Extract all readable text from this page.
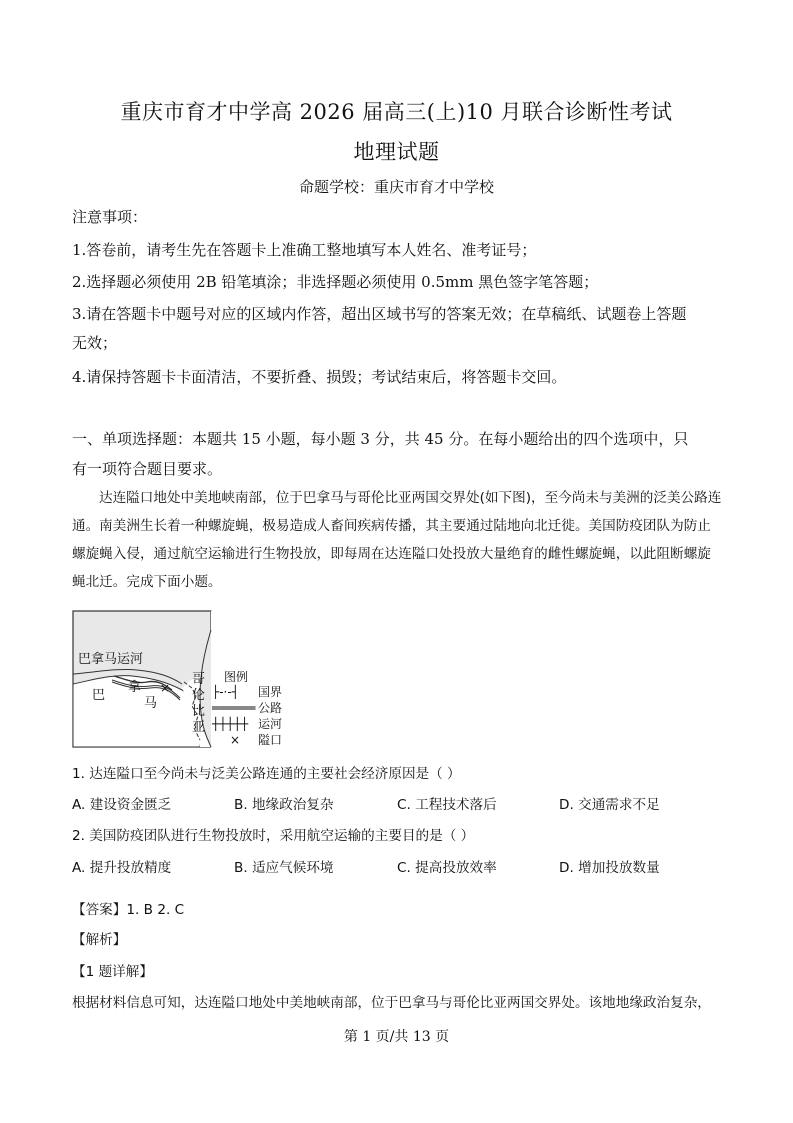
重庆市育才中学高 2026 届高三(上)10 月联合诊断性考试
地理试题
命题学校：重庆市育才中学校
注意事项：
1.答卷前，请考生先在答题卡上准确工整地填写本人姓名、准考证号；
2.选择题必须使用 2B 铅笔填涂；非选择题必须使用 0.5mm 黑色签字笔答题；
3.请在答题卡中题号对应的区域内作答，超出区域书写的答案无效；在草稿纸、试题卷上答题
无效；
4.请保持答题卡卡面清洁，不要折叠、损毁；考试结束后，将答题卡交回。
一、单项选择题：本题共 15 小题，每小题 3 分，共 45 分。在每小题给出的四个选项中，只
有一项符合题目要求。

达连隘口地处中美地峡南部，位于巴拿马与哥伦比亚两国交界处(如下图)，至今尚未与美洲的泛美公路连通。南美洲生长着一种螺旋蝇，极易造成人畜间疾病传播，其主要通过陆地向北迁徙。美国防疫团队为防止螺旋蝇入侵，通过航空运输进行生物投放，即每周在达连隘口处投放大量绝育的雌性螺旋蝇，以此阻断螺旋蝇北迁。完成下面小题。

×
巴拿马运河
巴
拿
马
哥伦比亚
图例
├-·-┤ 国界
══════ 公路
┼┼┼┼┼ 运河
× 隘口
1. 达连隘口至今尚未与泛美公路连通的主要社会经济原因是（ ）
A. 建设资金匮乏	B. 地缘政治复杂	C. 工程技术落后	D. 交通需求不足
2. 美国防疫团队进行生物投放时，采用航空运输的主要目的是（ ）
A. 提升投放精度	B. 适应气候环境	C. 提高投放效率	D. 增加投放数量
【答案】1. B 2. C
【解析】
【1 题详解】
根据材料信息可知，达连隘口地处中美地峡南部，位于巴拿马与哥伦比亚两国交界处。该地地缘政治复杂，
第 1 页/共 13 页
